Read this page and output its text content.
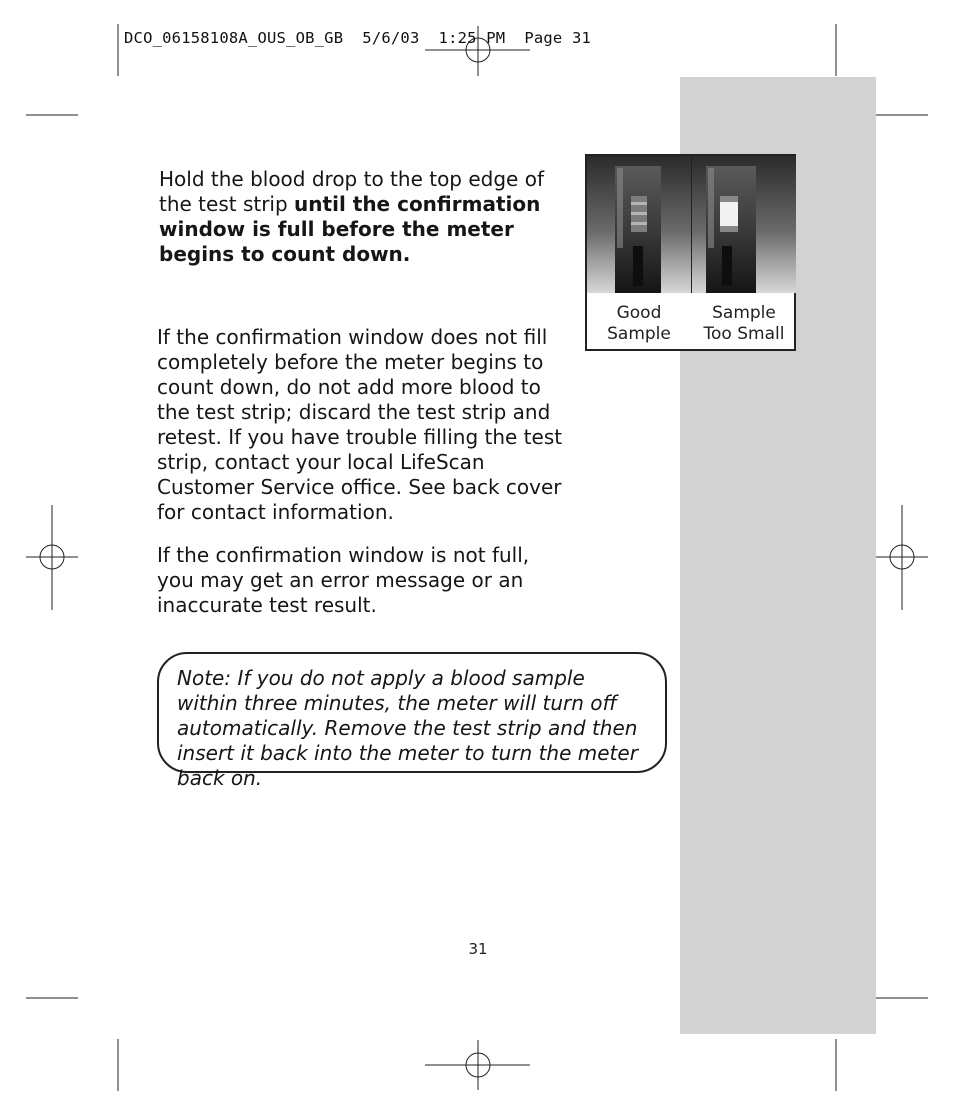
DCO_06158108A_OUS_OB_GB  5/6/03  1:25 PM  Page 31
Hold the blood drop to the top edge of the test strip until the confirmation window is full before the meter begins to count down.
If the confirmation window does not fill completely before the meter begins to count down, do not add more blood to the test strip; discard the test strip and retest. If you have trouble filling the test strip, contact your local LifeScan Customer Service office. See back cover for contact information.
If the confirmation window is not full, you may get an error message or an inaccurate test result.
Good
Sample
Sample
Too Small
Note: If you do not apply a blood sample within three minutes, the meter will turn off automatically. Remove the test strip and then insert it back into the meter to turn the meter back on.
31
